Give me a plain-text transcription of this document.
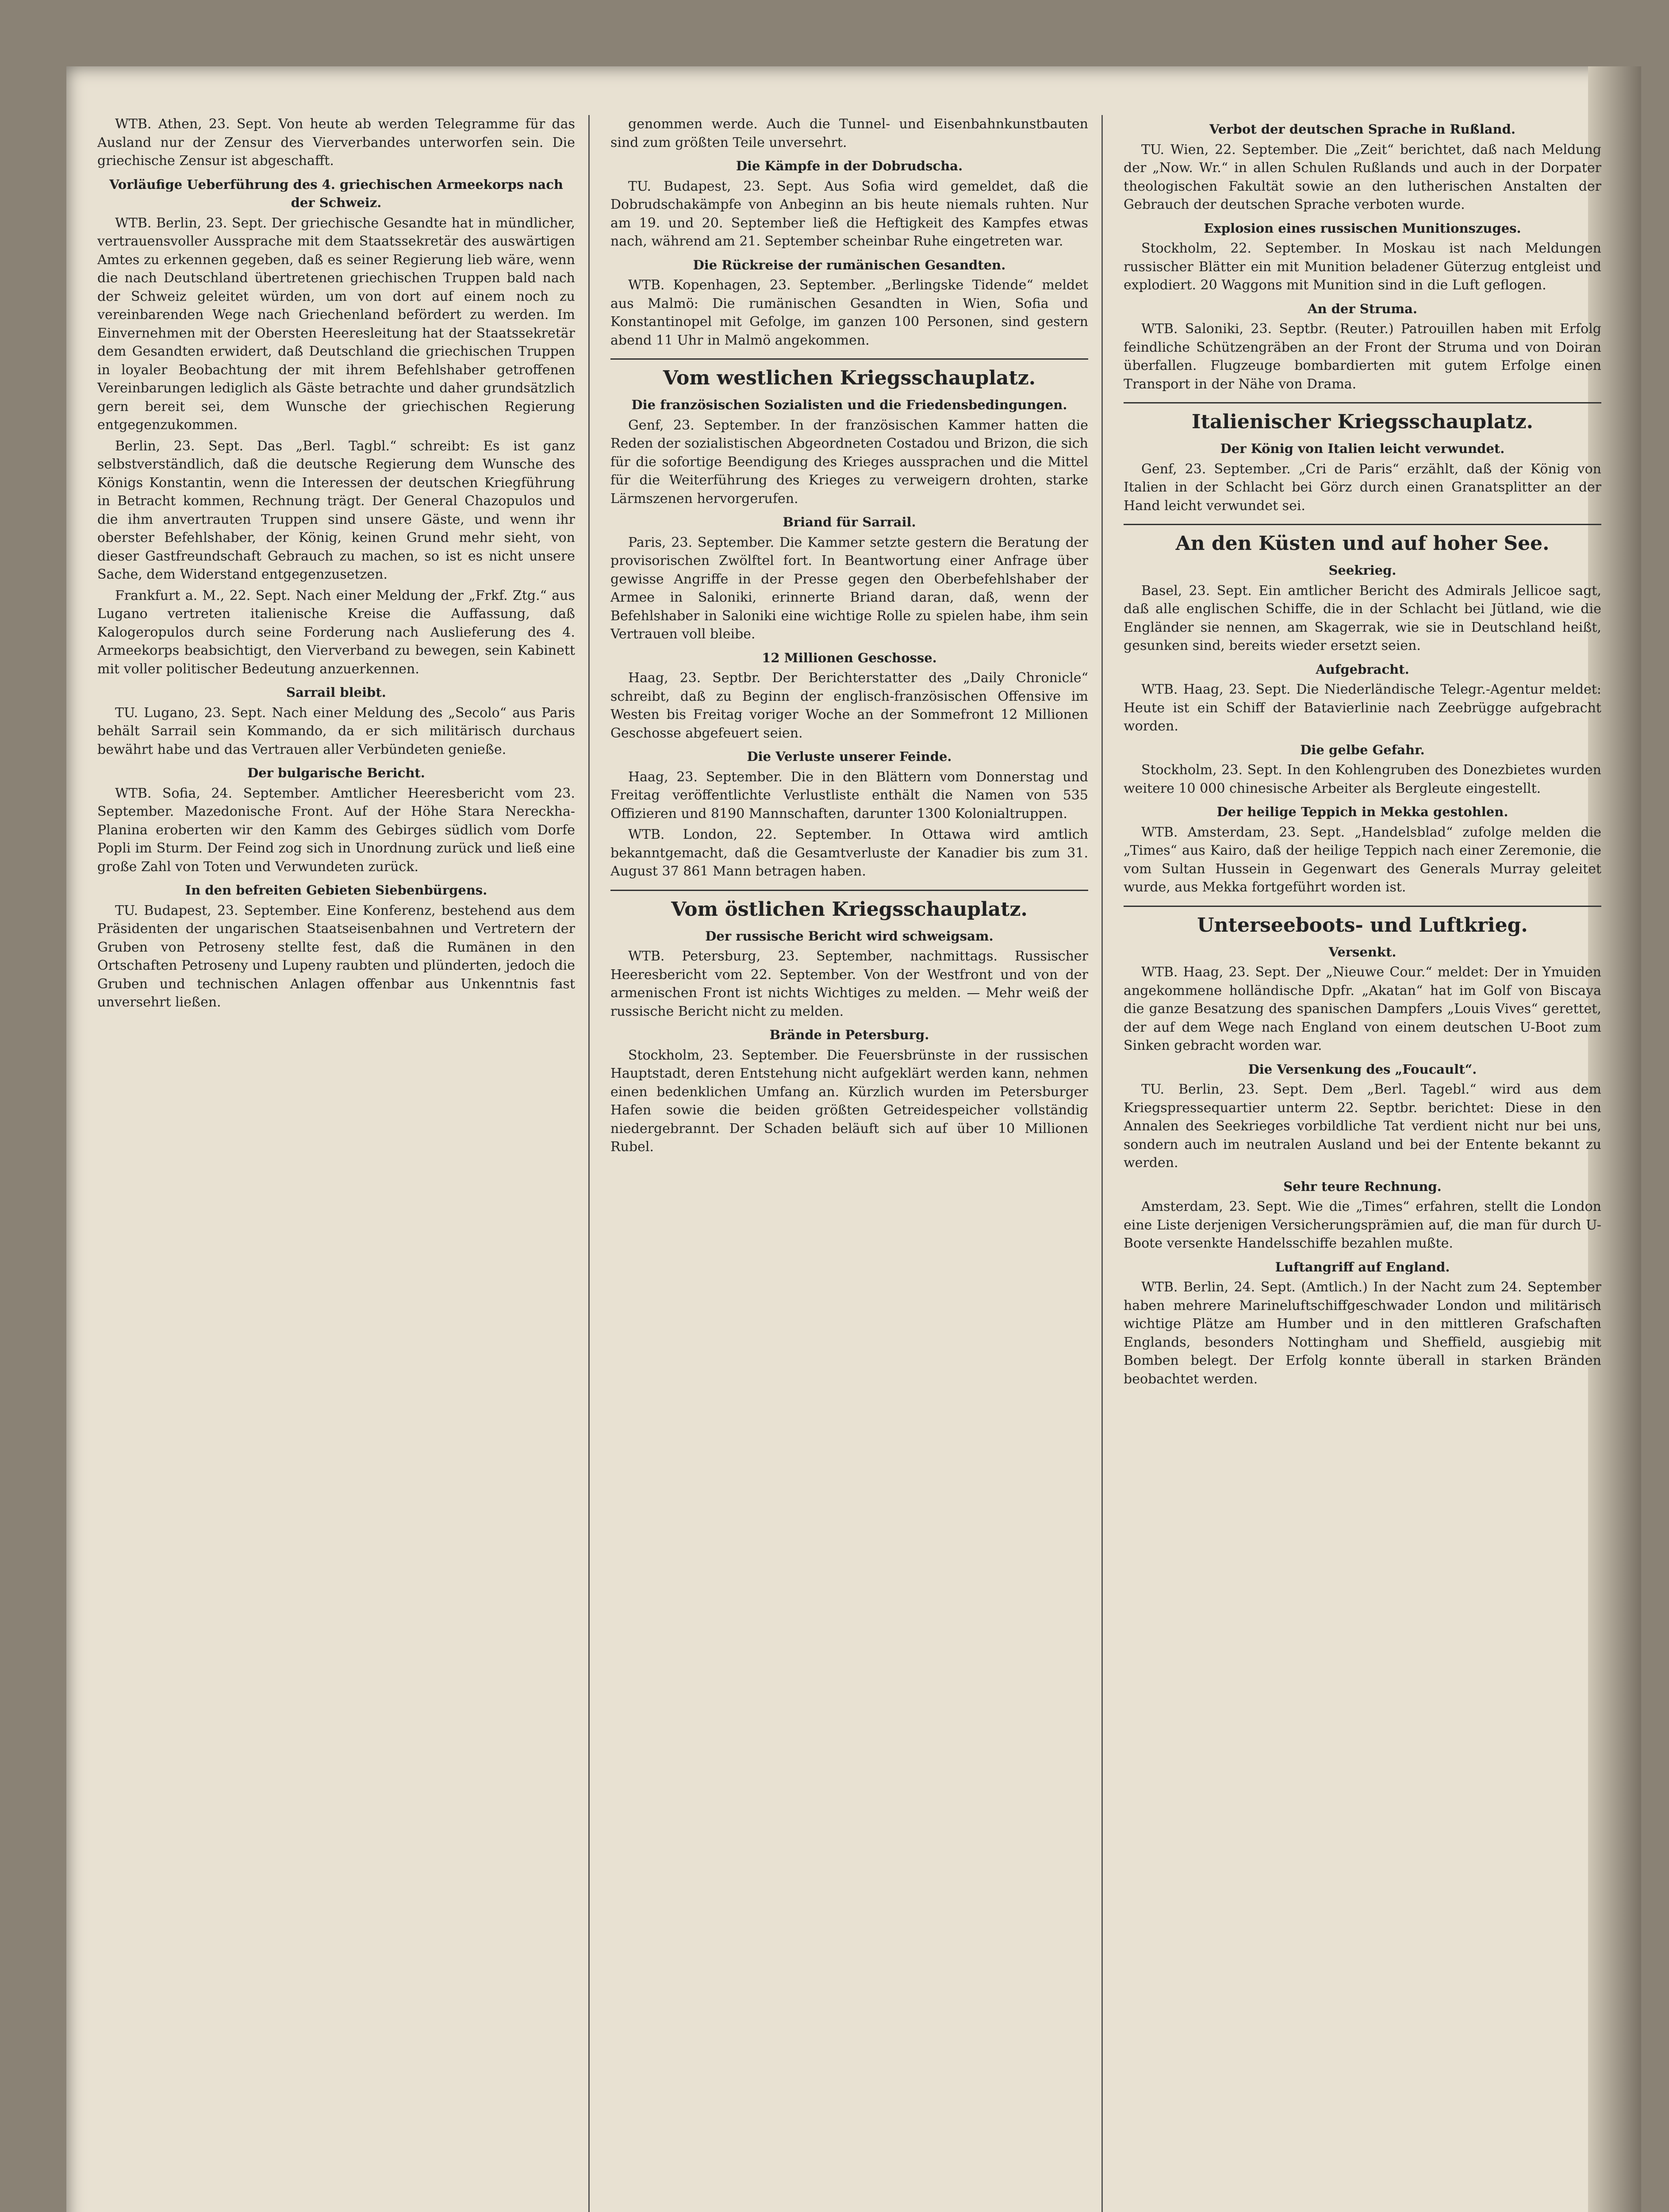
WTB. Athen, 23. Sept. Von heute ab werden Telegramme für das Ausland nur der Zensur des Vierverbandes unterworfen sein. Die griechische Zensur ist abgeschafft.

Vorläufige Ueberführung des 4. griechischen Armeekorps nach der Schweiz.

WTB. Berlin, 23. Sept. Der griechische Gesandte hat in mündlicher, vertrauensvoller Aussprache mit dem Staatssekretär des auswärtigen Amtes zu erkennen gegeben, daß es seiner Regierung lieb wäre, wenn die nach Deutschland übertretenen griechischen Truppen bald nach der Schweiz geleitet würden, um von dort auf einem noch zu vereinbarenden Wege nach Griechenland befördert zu werden. Im Einvernehmen mit der Obersten Heeresleitung hat der Staatssekretär dem Gesandten erwidert, daß Deutschland die griechischen Truppen in loyaler Beobachtung der mit ihrem Befehlshaber getroffenen Vereinbarungen lediglich als Gäste betrachte und daher grundsätzlich gern bereit sei, dem Wunsche der griechischen Regierung entgegenzukommen.

Berlin, 23. Sept. Das „Berl. Tagbl.“ schreibt: Es ist ganz selbstverständlich, daß die deutsche Regierung dem Wunsche des Königs Konstantin, wenn die Interessen der deutschen Kriegführung in Betracht kommen, Rechnung trägt. Der General Chazopulos und die ihm anvertrauten Truppen sind unsere Gäste, und wenn ihr oberster Befehlshaber, der König, keinen Grund mehr sieht, von dieser Gastfreundschaft Gebrauch zu machen, so ist es nicht unsere Sache, dem Widerstand entgegenzusetzen.

Frankfurt a. M., 22. Sept. Nach einer Meldung der „Frkf. Ztg.“ aus Lugano vertreten italienische Kreise die Auffassung, daß Kalogeropulos durch seine Forderung nach Auslieferung des 4. Armeekorps beabsichtigt, den Vierverband zu bewegen, sein Kabinett mit voller politischer Bedeutung anzuerkennen.

Sarrail bleibt.

TU. Lugano, 23. Sept. Nach einer Meldung des „Secolo“ aus Paris behält Sarrail sein Kommando, da er sich militärisch durchaus bewährt habe und das Vertrauen aller Verbündeten genieße.

Der bulgarische Bericht.

WTB. Sofia, 24. September. Amtlicher Heeresbericht vom 23. September. Mazedonische Front. Auf der Höhe Stara Nereckha-Planina eroberten wir den Kamm des Gebirges südlich vom Dorfe Popli im Sturm. Der Feind zog sich in Unordnung zurück und ließ eine große Zahl von Toten und Verwundeten zurück.

In den befreiten Gebieten Siebenbürgens.

TU. Budapest, 23. September. Eine Konferenz, bestehend aus dem Präsidenten der ungarischen Staatseisenbahnen und Vertretern der Gruben von Petroseny stellte fest, daß die Rumänen in den Ortschaften Petroseny und Lupeny raubten und plünderten, jedoch die Gruben und technischen Anlagen offenbar aus Unkenntnis fast unversehrt ließen.

genommen werde. Auch die Tunnel- und Eisenbahnkunstbauten sind zum größten Teile unversehrt.

Die Kämpfe in der Dobrudscha.

TU. Budapest, 23. Sept. Aus Sofia wird gemeldet, daß die Dobrudschakämpfe von Anbeginn an bis heute niemals ruhten. Nur am 19. und 20. September ließ die Heftigkeit des Kampfes etwas nach, während am 21. September scheinbar Ruhe eingetreten war.

Die Rückreise der rumänischen Gesandten.

WTB. Kopenhagen, 23. September. „Berlingske Tidende“ meldet aus Malmö: Die rumänischen Gesandten in Wien, Sofia und Konstantinopel mit Gefolge, im ganzen 100 Personen, sind gestern abend 11 Uhr in Malmö angekommen.

Vom westlichen Kriegsschauplatz.
Die französischen Sozialisten und die Friedensbedingungen.

Genf, 23. September. In der französischen Kammer hatten die Reden der sozialistischen Abgeordneten Costadou und Brizon, die sich für die sofortige Beendigung des Krieges aussprachen und die Mittel für die Weiterführung des Krieges zu verweigern drohten, starke Lärmszenen hervorgerufen.

Briand für Sarrail.

Paris, 23. September. Die Kammer setzte gestern die Beratung der provisorischen Zwölftel fort. In Beantwortung einer Anfrage über gewisse Angriffe in der Presse gegen den Oberbefehlshaber der Armee in Saloniki, erinnerte Briand daran, daß, wenn der Befehlshaber in Saloniki eine wichtige Rolle zu spielen habe, ihm sein Vertrauen voll bleibe.

12 Millionen Geschosse.

Haag, 23. Septbr. Der Berichterstatter des „Daily Chronicle“ schreibt, daß zu Beginn der englisch-französischen Offensive im Westen bis Freitag voriger Woche an der Sommefront 12 Millionen Geschosse abgefeuert seien.

Die Verluste unserer Feinde.

Haag, 23. September. Die in den Blättern vom Donnerstag und Freitag veröffentlichte Verlustliste enthält die Namen von 535 Offizieren und 8190 Mannschaften, darunter 1300 Kolonialtruppen.

WTB. London, 22. September. In Ottawa wird amtlich bekanntgemacht, daß die Gesamtverluste der Kanadier bis zum 31. August 37 861 Mann betragen haben.

Vom östlichen Kriegsschauplatz.
Der russische Bericht wird schweigsam.

WTB. Petersburg, 23. September, nachmittags. Russischer Heeresbericht vom 22. September. Von der Westfront und von der armenischen Front ist nichts Wichtiges zu melden. — Mehr weiß der russische Bericht nicht zu melden.

Brände in Petersburg.

Stockholm, 23. September. Die Feuersbrünste in der russischen Hauptstadt, deren Entstehung nicht aufgeklärt werden kann, nehmen einen bedenklichen Umfang an. Kürzlich wurden im Petersburger Hafen sowie die beiden größten Getreidespeicher vollständig niedergebrannt. Der Schaden beläuft sich auf über 10 Millionen Rubel.

Verbot der deutschen Sprache in Rußland.

TU. Wien, 22. September. Die „Zeit“ berichtet, daß nach Meldung der „Now. Wr.“ in allen Schulen Rußlands und auch in der Dorpater theologischen Fakultät sowie an den lutherischen Anstalten der Gebrauch der deutschen Sprache verboten wurde.

Explosion eines russischen Munitionszuges.

Stockholm, 22. September. In Moskau ist nach Meldungen russischer Blätter ein mit Munition beladener Güterzug entgleist und explodiert. 20 Waggons mit Munition sind in die Luft geflogen.

An der Struma.

WTB. Saloniki, 23. Septbr. (Reuter.) Patrouillen haben mit Erfolg feindliche Schützengräben an der Front der Struma und von Doiran überfallen. Flugzeuge bombardierten mit gutem Erfolge einen Transport in der Nähe von Drama.

Italienischer Kriegsschauplatz.
Der König von Italien leicht verwundet.

Genf, 23. September. „Cri de Paris“ erzählt, daß der König von Italien in der Schlacht bei Görz durch einen Granatsplitter an der Hand leicht verwundet sei.

An den Küsten und auf hoher See.
Seekrieg.

Basel, 23. Sept. Ein amtlicher Bericht des Admirals Jellicoe sagt, daß alle englischen Schiffe, die in der Schlacht bei Jütland, wie die Engländer sie nennen, am Skagerrak, wie sie in Deutschland heißt, gesunken sind, bereits wieder ersetzt seien.

Aufgebracht.

WTB. Haag, 23. Sept. Die Niederländische Telegr.-Agentur meldet: Heute ist ein Schiff der Batavierlinie nach Zeebrügge aufgebracht worden.

Die gelbe Gefahr.

Stockholm, 23. Sept. In den Kohlengruben des Donezbietes wurden weitere 10 000 chinesische Arbeiter als Bergleute eingestellt.

Der heilige Teppich in Mekka gestohlen.

WTB. Amsterdam, 23. Sept. „Handelsblad“ zufolge melden die „Times“ aus Kairo, daß der heilige Teppich nach einer Zeremonie, die vom Sultan Hussein in Gegenwart des Generals Murray geleitet wurde, aus Mekka fortgeführt worden ist.

Unterseeboots- und Luftkrieg.
Versenkt.

WTB. Haag, 23. Sept. Der „Nieuwe Cour.“ meldet: Der in Ymuiden angekommene holländische Dpfr. „Akatan“ hat im Golf von Biscaya die ganze Besatzung des spanischen Dampfers „Louis Vives“ gerettet, der auf dem Wege nach England von einem deutschen U-Boot zum Sinken gebracht worden war.

Die Versenkung des „Foucault“.

TU. Berlin, 23. Sept. Dem „Berl. Tagebl.“ wird aus dem Kriegspressequartier unterm 22. Septbr. berichtet: Diese in den Annalen des Seekrieges vorbildliche Tat verdient nicht nur bei uns, sondern auch im neutralen Ausland und bei der Entente bekannt zu werden.

Sehr teure Rechnung.

Amsterdam, 23. Sept. Wie die „Times“ erfahren, stellt die London eine Liste derjenigen Versicherungsprämien auf, die man für durch U-Boote versenkte Handelsschiffe bezahlen mußte.

Luftangriff auf England.

WTB. Berlin, 24. Sept. (Amtlich.) In der Nacht zum 24. September haben mehrere Marineluftschiffgeschwader London und militärisch wichtige Plätze am Humber und in den mittleren Grafschaften Englands, besonders Nottingham und Sheffield, ausgiebig mit Bomben belegt. Der Erfolg konnte überall in starken Bränden beobachtet werden.
